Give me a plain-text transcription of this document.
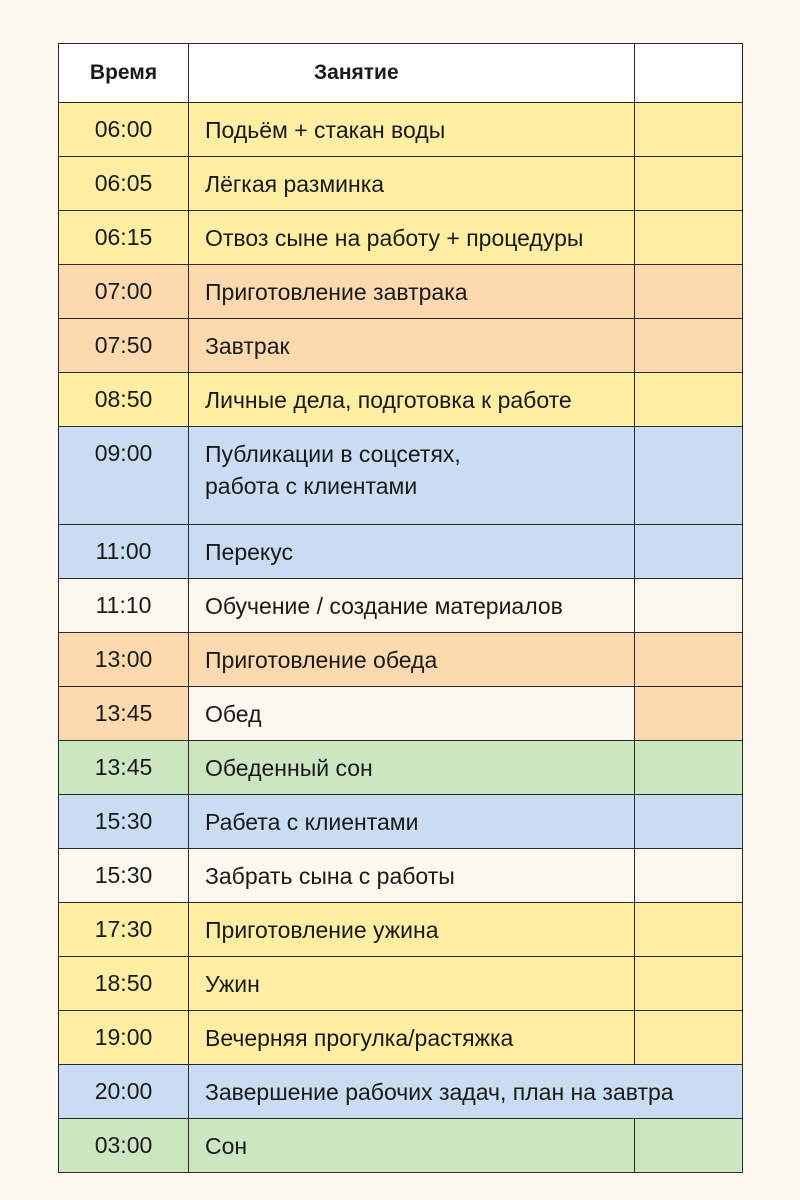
Время	Занятие	
06:00	Подьём + стакан воды	
06:05	Лёгкая разминка	
06:15	Отвоз сыне на работу + процедуры	
07:00	Приготовление завтрака	
07:50	Завтрак	
08:50	Личные дела, подготовка к работе	
09:00	Публикации в соцсетях,
работа с клиентами	

11:00	Перекус	
11:10	Обучение / создание материалов	
13:00	Приготовление обеда	
13:45	Обед	
13:45	Обеденный сон	
15:30	Рабета с клиентами	
15:30	Забрать сына с работы	
17:30	Приготовление ужина	
18:50	Ужин	
19:00	Вечерняя прогулка/растяжка	
20:00	Завершение рабочих задач, план на завтра	
03:00	Сон	
